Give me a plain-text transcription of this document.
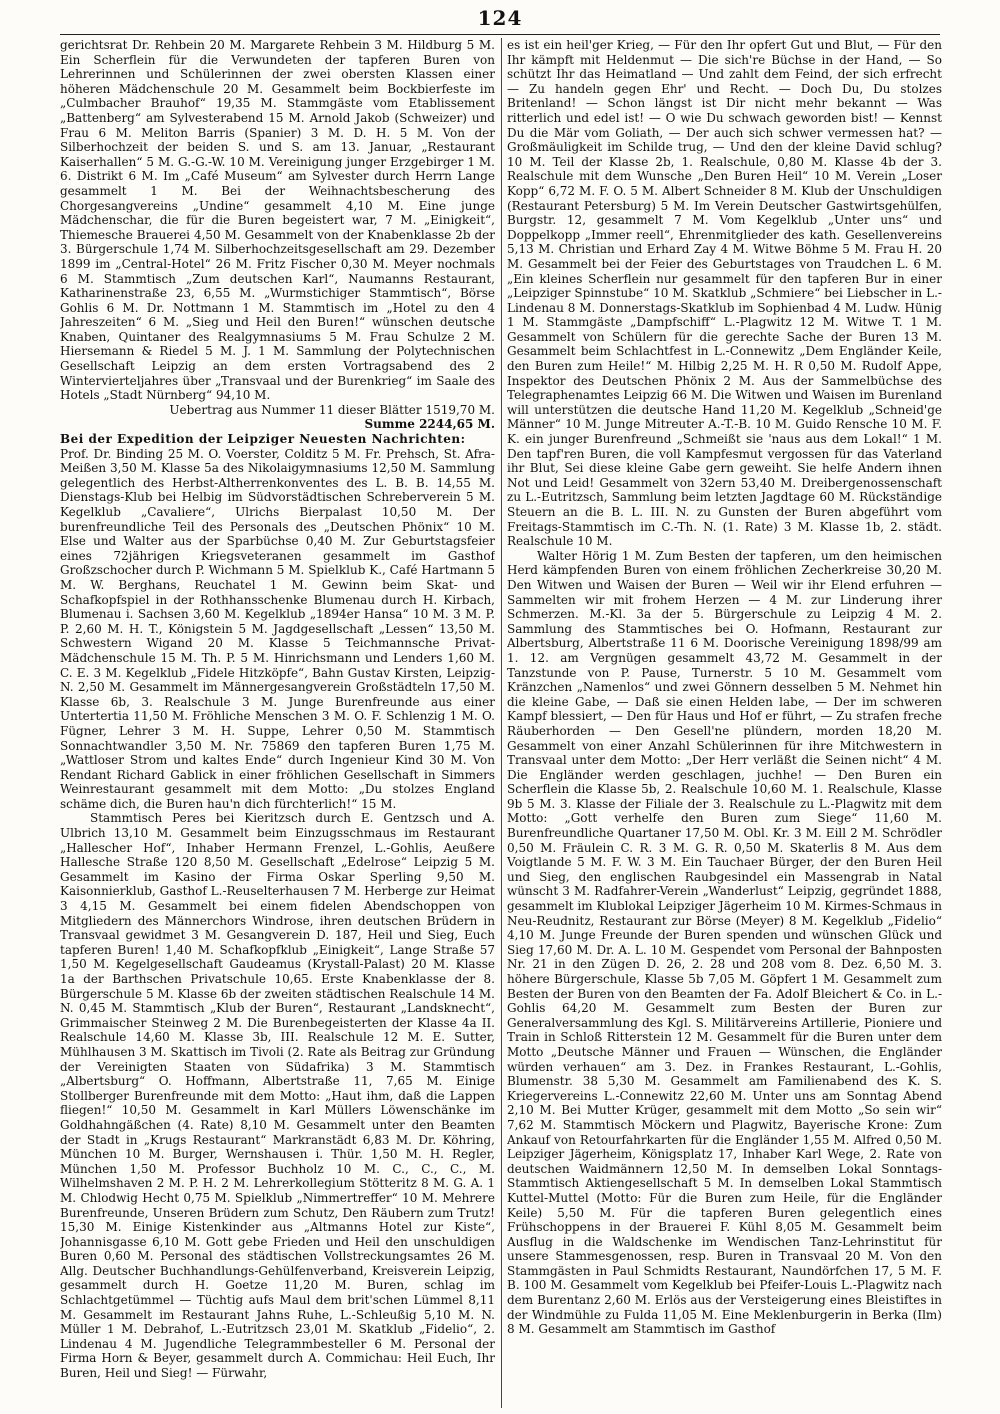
124

gerichtsrat Dr. Rehbein 20 M. Margarete Rehbein 3 M. Hildburg 5 M. Ein Scherflein für die Verwundeten der tapferen Buren von Lehrerinnen und Schülerinnen der zwei obersten Klassen einer höheren Mädchenschule 20 M. Gesammelt beim Bockbierfeste im „Culmbacher Brauhof“ 19,35 M. Stammgäste vom Etablissement „Battenberg“ am Sylvesterabend 15 M. Arnold Jakob (Schweizer) und Frau 6 M. Meliton Barris (Spanier) 3 M. D. H. 5 M. Von der Silberhochzeit der beiden S. und S. am 13. Januar, „Restaurant Kaiserhallen“ 5 M. G.-G.-W. 10 M. Vereinigung junger Erzgebirger 1 M. 6. Distrikt 6 M. Im „Café Museum“ am Sylvester durch Herrn Lange gesammelt 1 M. Bei der Weihnachtsbescherung des Chorgesangvereins „Undine“ gesammelt 4,10 M. Eine junge Mädchenschar, die für die Buren begeistert war, 7 M. „Einigkeit“, Thiemesche Brauerei 4,50 M. Gesammelt von der Knabenklasse 2b der 3. Bürgerschule 1,74 M. Silberhochzeitsgesellschaft am 29. Dezember 1899 im „Central-Hotel“ 26 M. Fritz Fischer 0,30 M. Meyer nochmals 6 M. Stammtisch „Zum deutschen Karl“, Naumanns Restaurant, Katharinenstraße 23, 6,55 M. „Wurmstichiger Stammtisch“, Börse Gohlis 6 M. Dr. Nottmann 1 M. Stammtisch im „Hotel zu den 4 Jahreszeiten“ 6 M. „Sieg und Heil den Buren!“ wünschen deutsche Knaben, Quintaner des Realgymnasiums 5 M. Frau Schulze 2 M. Hiersemann & Riedel 5 M. J. 1 M. Sammlung der Polytechnischen Gesellschaft Leipzig an dem ersten Vortragsabend des 2 Wintervierteljahres über „Transvaal und der Burenkrieg“ im Saale des Hotels „Stadt Nürnberg“ 94,10 M.

Uebertrag aus Nummer 11 dieser Blätter 1519,70 M.

Summe 2244,65 M.

Bei der Expedition der Leipziger Neuesten Nachrichten:

Prof. Dr. Binding 25 M. O. Voerster, Colditz 5 M. Fr. Prehsch, St. Afra-Meißen 3,50 M. Klasse 5a des Nikolaigymnasiums 12,50 M. Sammlung gelegentlich des Herbst-Altherrenkonventes des L. B. B. 14,55 M. Dienstags-Klub bei Helbig im Südvorstädtischen Schreberverein 5 M. Kegelklub „Cavaliere“, Ulrichs Bierpalast 10,50 M. Der burenfreundliche Teil des Personals des „Deutschen Phönix“ 10 M. Else und Walter aus der Sparbüchse 0,40 M. Zur Geburtstagsfeier eines 72jährigen Kriegsveteranen gesammelt im Gasthof Großzschocher durch P. Wichmann 5 M. Spielklub K., Café Hartmann 5 M. W. Berghans, Reuchatel 1 M. Gewinn beim Skat- und Schafkopfspiel in der Rothhansschenke Blumenau durch H. Kirbach, Blumenau i. Sachsen 3,60 M. Kegelklub „1894er Hansa“ 10 M. 3 M. P. P. 2,60 M. H. T., Königstein 5 M. Jagdgesellschaft „Lessen“ 13,50 M. Schwestern Wigand 20 M. Klasse 5 Teichmannsche Privat-Mädchenschule 15 M. Th. P. 5 M. Hinrichsmann und Lenders 1,60 M. C. E. 3 M. Kegelklub „Fidele Hitzköpfe“, Bahn Gustav Kirsten, Leipzig-N. 2,50 M. Gesammelt im Männergesangverein Großstädteln 17,50 M. Klasse 6b, 3. Realschule 3 M. Junge Burenfreunde aus einer Untertertia 11,50 M. Fröhliche Menschen 3 M. O. F. Schlenzig 1 M. O. Fügner, Lehrer 3 M. H. Suppe, Lehrer 0,50 M. Stammtisch Sonnachtwandler 3,50 M. Nr. 75869 den tapferen Buren 1,75 M. „Wattloser Strom und kaltes Ende“ durch Ingenieur Kind 30 M. Von Rendant Richard Gablick in einer fröhlichen Gesellschaft in Simmers Weinrestaurant gesammelt mit dem Motto: „Du stolzes England schäme dich, die Buren hau'n dich fürchterlich!“ 15 M.

Stammtisch Peres bei Kieritzsch durch E. Gentzsch und A. Ulbrich 13,10 M. Gesammelt beim Einzugsschmaus im Restaurant „Hallescher Hof“, Inhaber Hermann Frenzel, L.-Gohlis, Aeußere Hallesche Straße 120 8,50 M. Gesellschaft „Edelrose“ Leipzig 5 M. Gesammelt im Kasino der Firma Oskar Sperling 9,50 M. Kaisonnierklub, Gasthof L.-Reuselterhausen 7 M. Herberge zur Heimat 3 4,15 M. Gesammelt bei einem fidelen Abendschoppen von Mitgliedern des Männerchors Windrose, ihren deutschen Brüdern in Transvaal gewidmet 3 M. Gesangverein D. 187, Heil und Sieg, Euch tapferen Buren! 1,40 M. Schafkopfklub „Einigkeit“, Lange Straße 57 1,50 M. Kegelgesellschaft Gaudeamus (Krystall-Palast) 20 M. Klasse 1a der Barthschen Privatschule 10,65. Erste Knabenklasse der 8. Bürgerschule 5 M. Klasse 6b der zweiten städtischen Realschule 14 M. N. 0,45 M. Stammtisch „Klub der Buren“, Restaurant „Landsknecht“, Grimmaischer Steinweg 2 M. Die Burenbegeisterten der Klasse 4a II. Realschule 14,60 M. Klasse 3b, III. Realschule 12 M. E. Sutter, Mühlhausen 3 M. Skattisch im Tivoli (2. Rate als Beitrag zur Gründung der Vereinigten Staaten von Südafrika) 3 M. Stammtisch „Albertsburg“ O. Hoffmann, Albertstraße 11, 7,65 M. Einige Stollberger Burenfreunde mit dem Motto: „Haut ihm, daß die Lappen fliegen!“ 10,50 M. Gesammelt in Karl Müllers Löwenschänke im Goldhahngäßchen (4. Rate) 8,10 M. Gesammelt unter den Beamten der Stadt in „Krugs Restaurant“ Markranstädt 6,83 M. Dr. Köhring, München 10 M. Burger, Wernshausen i. Thür. 1,50 M. H. Regler, München 1,50 M. Professor Buchholz 10 M. C., C., C., M. Wilhelmshaven 2 M. P. H. 2 M. Lehrerkollegium Stötteritz 8 M. G. A. 1 M. Chlodwig Hecht 0,75 M. Spielklub „Nimmertreffer“ 10 M. Mehrere Burenfreunde, Unseren Brüdern zum Schutz, Den Räubern zum Trutz! 15,30 M. Einige Kistenkinder aus „Altmanns Hotel zur Kiste“, Johannisgasse 6,10 M. Gott gebe Frieden und Heil den unschuldigen Buren 0,60 M. Personal des städtischen Vollstreckungsamtes 26 M. Allg. Deutscher Buchhandlungs-Gehülfenverband, Kreisverein Leipzig, gesammelt durch H. Goetze 11,20 M. Buren, schlag im Schlachtgetümmel — Tüchtig aufs Maul dem brit'schen Lümmel 8,11 M. Gesammelt im Restaurant Jahns Ruhe, L.-Schleußig 5,10 M. N. Müller 1 M. Debrahof, L.-Eutritzsch 23,01 M. Skatklub „Fidelio“, 2. Lindenau 4 M. Jugendliche Telegrammbesteller 6 M. Personal der Firma Horn & Beyer, gesammelt durch A. Commichau: Heil Euch, Ihr Buren, Heil und Sieg! — Fürwahr,

es ist ein heil'ger Krieg, — Für den Ihr opfert Gut und Blut, — Für den Ihr kämpft mit Heldenmut — Die sich're Büchse in der Hand, — So schützt Ihr das Heimatland — Und zahlt dem Feind, der sich erfrecht — Zu handeln gegen Ehr' und Recht. — Doch Du, Du stolzes Britenland! — Schon längst ist Dir nicht mehr bekannt — Was ritterlich und edel ist! — O wie Du schwach geworden bist! — Kennst Du die Mär vom Goliath, — Der auch sich schwer vermessen hat? — Großmäuligkeit im Schilde trug, — Und den der kleine David schlug? 10 M. Teil der Klasse 2b, 1. Realschule, 0,80 M. Klasse 4b der 3. Realschule mit dem Wunsche „Den Buren Heil“ 10 M. Verein „Loser Kopp“ 6,72 M. F. O. 5 M. Albert Schneider 8 M. Klub der Unschuldigen (Restaurant Petersburg) 5 M. Im Verein Deutscher Gastwirtsgehülfen, Burgstr. 12, gesammelt 7 M. Vom Kegelklub „Unter uns“ und Doppelkopp „Immer reell“, Ehrenmitglieder des kath. Gesellenvereins 5,13 M. Christian und Erhard Zay 4 M. Witwe Böhme 5 M. Frau H. 20 M. Gesammelt bei der Feier des Geburtstages von Traudchen L. 6 M. „Ein kleines Scherflein nur gesammelt für den tapferen Bur in einer „Leipziger Spinnstube“ 10 M. Skatklub „Schmiere“ bei Liebscher in L.-Lindenau 8 M. Donnerstags-Skatklub im Sophienbad 4 M. Ludw. Hünig 1 M. Stammgäste „Dampfschiff“ L.-Plagwitz 12 M. Witwe T. 1 M. Gesammelt von Schülern für die gerechte Sache der Buren 13 M. Gesammelt beim Schlachtfest in L.-Connewitz „Dem Engländer Keile, den Buren zum Heile!“ M. Hilbig 2,25 M. H. R 0,50 M. Rudolf Appe, Inspektor des Deutschen Phönix 2 M. Aus der Sammelbüchse des Telegraphenamtes Leipzig 66 M. Die Witwen und Waisen im Burenland will unterstützen die deutsche Hand 11,20 M. Kegelklub „Schneid'ge Männer“ 10 M. Junge Mitreuter A.-T.-B. 10 M. Guido Rensche 10 M. F. K. ein junger Burenfreund „Schmeißt sie 'naus aus dem Lokal!“ 1 M. Den tapf'ren Buren, die voll Kampfesmut vergossen für das Vaterland ihr Blut, Sei diese kleine Gabe gern geweiht. Sie helfe Andern ihnen Not und Leid! Gesammelt von 32ern 53,40 M. Dreibergenossenschaft zu L.-Eutritzsch, Sammlung beim letzten Jagdtage 60 M. Rückständige Steuern an die B. L. III. N. zu Gunsten der Buren abgeführt vom Freitags-Stammtisch im C.-Th. N. (1. Rate) 3 M. Klasse 1b, 2. städt. Realschule 10 M.

Walter Hörig 1 M. Zum Besten der tapferen, um den heimischen Herd kämpfenden Buren von einem fröhlichen Zecherkreise 30,20 M. Den Witwen und Waisen der Buren — Weil wir ihr Elend erfuhren — Sammelten wir mit frohem Herzen — 4 M. zur Linderung ihrer Schmerzen. M.-Kl. 3a der 5. Bürgerschule zu Leipzig 4 M. 2. Sammlung des Stammtisches bei O. Hofmann, Restaurant zur Albertsburg, Albertstraße 11 6 M. Doorische Vereinigung 1898/99 am 1. 12. am Vergnügen gesammelt 43,72 M. Gesammelt in der Tanzstunde von P. Pause, Turnerstr. 5 10 M. Gesammelt vom Kränzchen „Namenlos“ und zwei Gönnern desselben 5 M. Nehmet hin die kleine Gabe, — Daß sie einen Helden labe, — Der im schweren Kampf blessiert, — Den für Haus und Hof er führt, — Zu strafen freche Räuberhorden — Den Gesell'ne plündern, morden 18,20 M. Gesammelt von einer Anzahl Schülerinnen für ihre Mitchwestern in Transvaal unter dem Motto: „Der Herr verläßt die Seinen nicht“ 4 M. Die Engländer werden geschlagen, juchhe! — Den Buren ein Scherflein die Klasse 5b, 2. Realschule 10,60 M. 1. Realschule, Klasse 9b 5 M. 3. Klasse der Filiale der 3. Realschule zu L.-Plagwitz mit dem Motto: „Gott verhelfe den Buren zum Siege“ 11,60 M. Burenfreundliche Quartaner 17,50 M. Obl. Kr. 3 M. Eill 2 M. Schrödler 0,50 M. Fräulein C. R. 3 M. G. R. 0,50 M. Skaterlis 8 M. Aus dem Voigtlande 5 M. F. W. 3 M. Ein Tauchaer Bürger, der den Buren Heil und Sieg, den englischen Raubgesindel ein Massengrab in Natal wünscht 3 M. Radfahrer-Verein „Wanderlust“ Leipzig, gegründet 1888, gesammelt im Klublokal Leipziger Jägerheim 10 M. Kirmes-Schmaus in Neu-Reudnitz, Restaurant zur Börse (Meyer) 8 M. Kegelklub „Fidelio“ 4,10 M. Junge Freunde der Buren spenden und wünschen Glück und Sieg 17,60 M. Dr. A. L. 10 M. Gespendet vom Personal der Bahnposten Nr. 21 in den Zügen D. 26, 2. 28 und 208 vom 8. Dez. 6,50 M. 3. höhere Bürgerschule, Klasse 5b 7,05 M. Göpfert 1 M. Gesammelt zum Besten der Buren von den Beamten der Fa. Adolf Bleichert & Co. in L.-Gohlis 64,20 M. Gesammelt zum Besten der Buren zur Generalversammlung des Kgl. S. Militärvereins Artillerie, Pioniere und Train in Schloß Ritterstein 12 M. Gesammelt für die Buren unter dem Motto „Deutsche Männer und Frauen — Wünschen, die Engländer würden verhauen“ am 3. Dez. in Frankes Restaurant, L.-Gohlis, Blumenstr. 38 5,30 M. Gesammelt am Familienabend des K. S. Kriegervereins L.-Connewitz 22,60 M. Unter uns am Sonntag Abend 2,10 M. Bei Mutter Krüger, gesammelt mit dem Motto „So sein wir“ 7,62 M. Stammtisch Möckern und Plagwitz, Bayerische Krone: Zum Ankauf von Retourfahrkarten für die Engländer 1,55 M. Alfred 0,50 M. Leipziger Jägerheim, Königsplatz 17, Inhaber Karl Wege, 2. Rate von deutschen Waidmännern 12,50 M. In demselben Lokal Sonntags-Stammtisch Aktiengesellschaft 5 M. In demselben Lokal Stammtisch Kuttel-Muttel (Motto: Für die Buren zum Heile, für die Engländer Keile) 5,50 M. Für die tapferen Buren gelegentlich eines Frühschoppens in der Brauerei F. Kühl 8,05 M. Gesammelt beim Ausflug in die Waldschenke im Wendischen Tanz-Lehrinstitut für unsere Stammesgenossen, resp. Buren in Transvaal 20 M. Von den Stammgästen in Paul Schmidts Restaurant, Naundörfchen 17, 5 M. F. B. 100 M. Gesammelt vom Kegelklub bei Pfeifer-Louis L.-Plagwitz nach dem Burentanz 2,60 M. Erlös aus der Versteigerung eines Bleistiftes in der Windmühle zu Fulda 11,05 M. Eine Meklenburgerin in Berka (Ilm) 8 M. Gesammelt am Stammtisch im Gasthof
